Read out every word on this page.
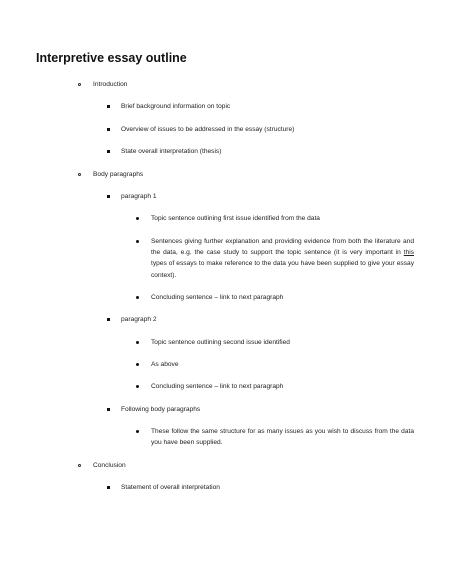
Interpretive essay outline
Introduction
Brief background information on topic
Overview of issues to be addressed in the essay (structure)
State overall interpretation (thesis)
Body paragraphs
paragraph 1
Topic sentence outlining first issue identified from the data
Sentences giving further explanation and providing evidence from both the literature and the data, e.g. the case study to support the topic sentence (it is very important in this types of essays to make reference to the data you have been supplied to give your essay context).
Concluding sentence – link to next paragraph
paragraph 2
Topic sentence outlining second issue identified
As above
Concluding sentence – link to next paragraph
Following body paragraphs
These follow the same structure for as many issues as you wish to discuss from the data you have been supplied.
Conclusion
Statement of overall interpretation
